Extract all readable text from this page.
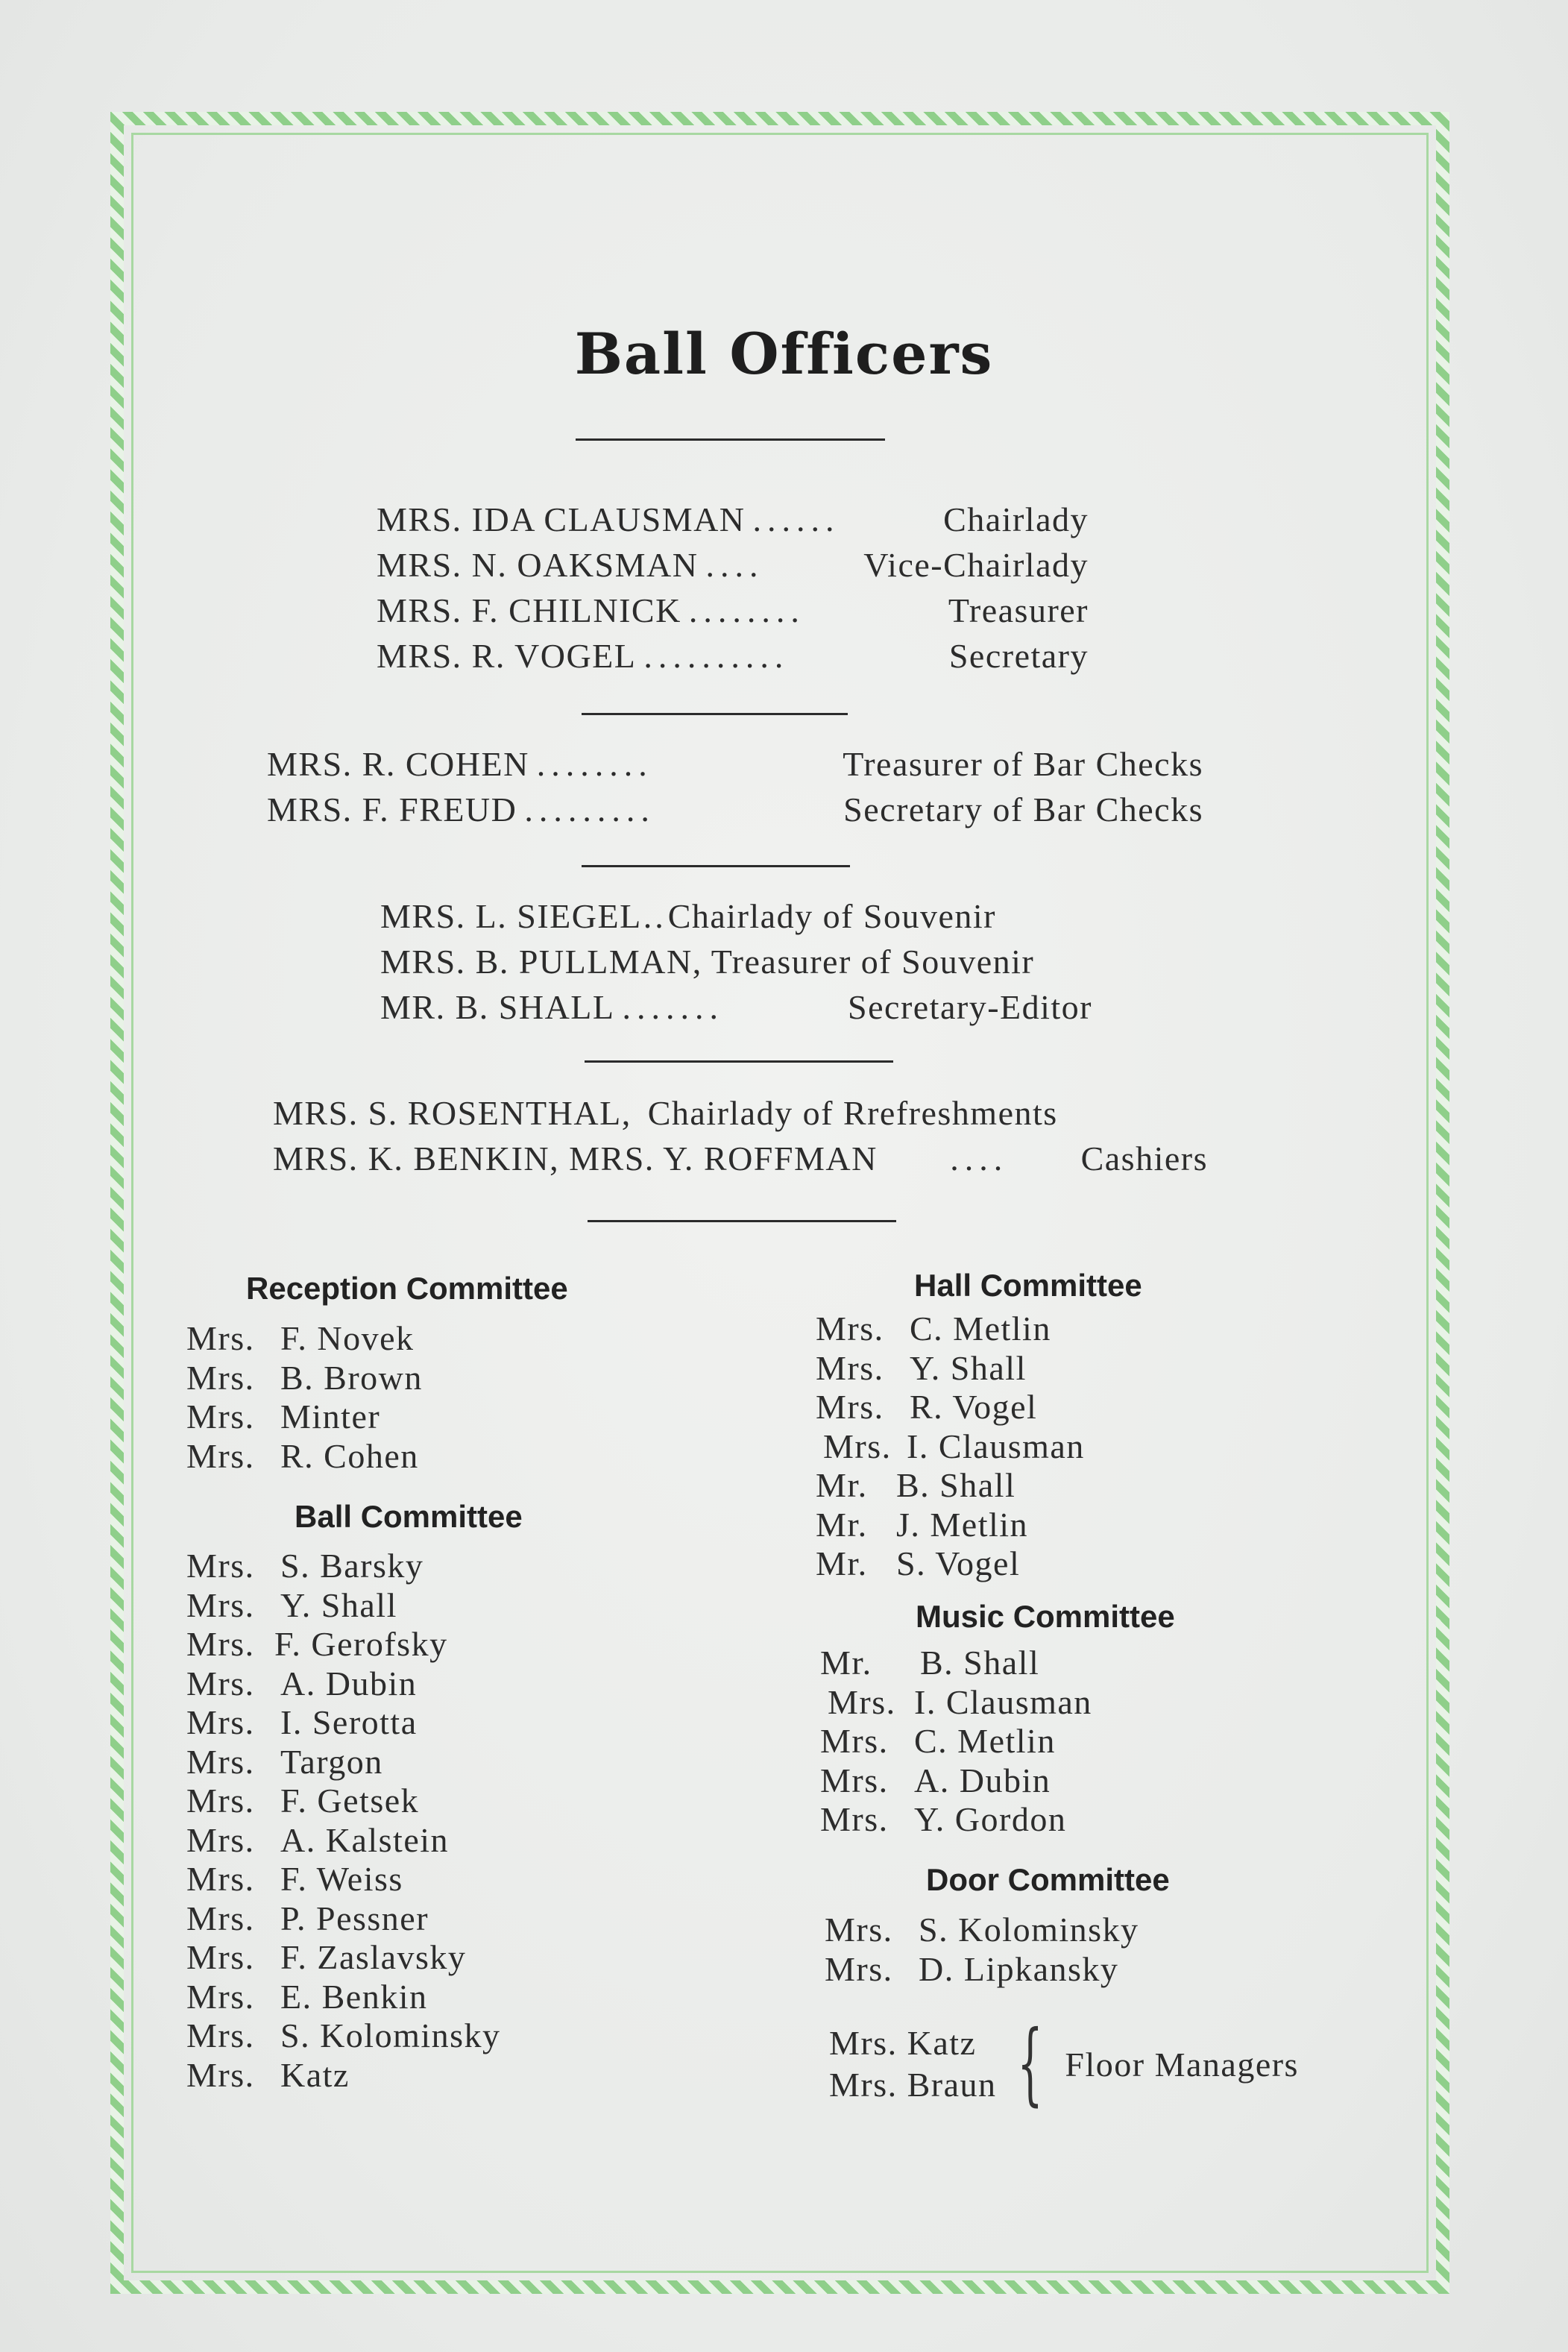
Ball Officers
MRS. IDA CLAUSMAN ......	Chairlady
MRS. N. OAKSMAN ....	Vice-Chairlady
MRS. F. CHILNICK ........	Treasurer
MRS. R. VOGEL ..........	Secretary
MRS. R. COHEN ........	Treasurer of Bar Checks
MRS. F. FREUD .........	Secretary of Bar Checks
MRS. L. SIEGEL .. Chairlady of Souvenir
MRS. B. PULLMAN, Treasurer of Souvenir
MR. B. SHALL .......	Secretary-Editor
MRS. S. ROSENTHAL, Chairlady of Rrefreshments
MRS. K. BENKIN, MRS. Y. ROFFMAN .... Cashiers
Reception Committee
Mrs. F. Novek
Mrs. B. Brown
Mrs. Minter
Mrs. R. Cohen
Ball Committee
Mrs. S. Barsky
Mrs. Y. Shall
Mrs. F. Gerofsky
Mrs. A. Dubin
Mrs. I. Serotta
Mrs. Targon
Mrs. F. Getsek
Mrs. A. Kalstein
Mrs. F. Weiss
Mrs. P. Pessner
Mrs. F. Zaslavsky
Mrs. E. Benkin
Mrs. S. Kolominsky
Mrs. Katz
Hall Committee
Mrs. C. Metlin
Mrs. Y. Shall
Mrs. R. Vogel
Mrs. I. Clausman
Mr. B. Shall
Mr. J. Metlin
Mr. S. Vogel
Music Committee
Mr.	B. Shall
Mrs. I. Clausman
Mrs. C. Metlin
Mrs. A. Dubin
Mrs. Y. Gordon
Door Committee
Mrs. S. Kolominsky
Mrs. D. Lipkansky
Mrs. Katz
Mrs. Braun { Floor Managers
